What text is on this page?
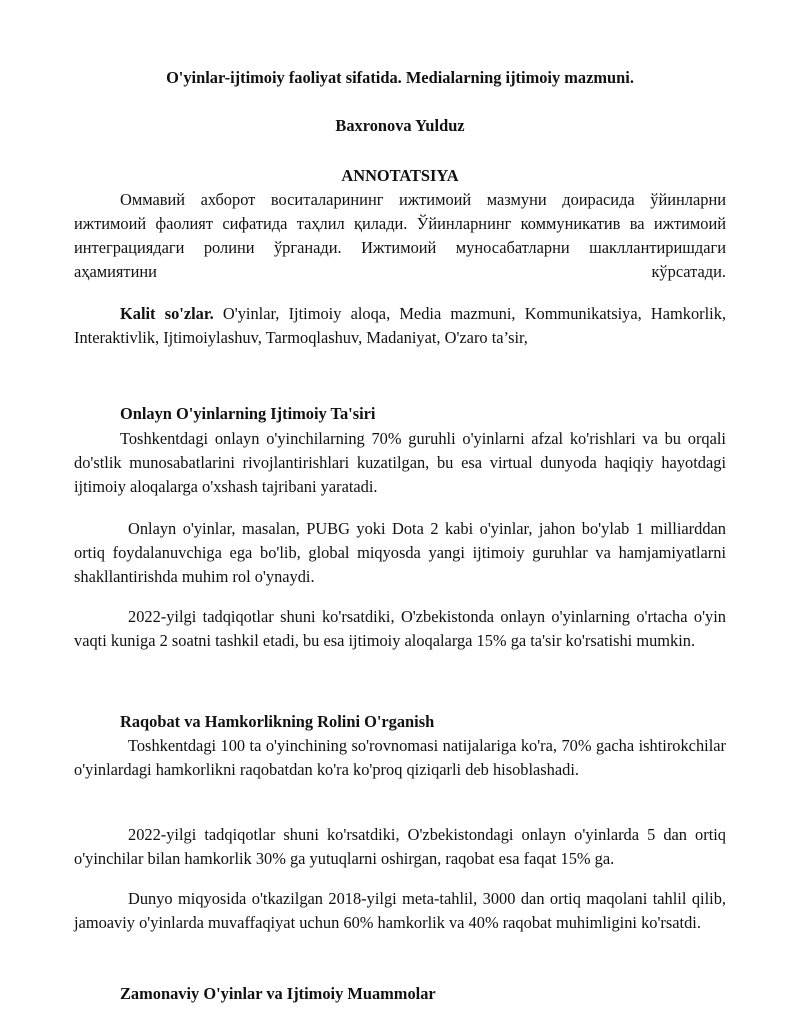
O'yinlar-ijtimoiy faoliyat sifatida. Medialarning ijtimoiy mazmuni.
Baxronova Yulduz
ANNOTATSIYA
Оммавий ахборот воситаларининг ижтимоий мазмуни доирасида ўйинларни ижтимоий фаолият сифатида таҳлил қилади. Ўйинларнинг коммуникатив ва ижтимоий интеграциядаги ролини ўрганади. Ижтимоий муносабатларни шакллантиришдаги аҳамиятини кўрсатади.
Kalit so'zlar. O'yinlar, Ijtimoiy aloqa, Media mazmuni, Kommunikatsiya, Hamkorlik, Interaktivlik, Ijtimoiylashuv, Tarmoqlashuv, Madaniyat, O'zaro ta’sir,
Onlayn O'yinlarning Ijtimoiy Ta'siri
Toshkentdagi onlayn o'yinchilarning 70% guruhli o'yinlarni afzal ko'rishlari va bu orqali do'stlik munosabatlarini rivojlantirishlari kuzatilgan, bu esa virtual dunyoda haqiqiy hayotdagi ijtimoiy aloqalarga o'xshash tajribani yaratadi.
Onlayn o'yinlar, masalan, PUBG yoki Dota 2 kabi o'yinlar, jahon bo'ylab 1 milliarddan ortiq foydalanuvchiga ega bo'lib, global miqyosda yangi ijtimoiy guruhlar va hamjamiyatlarni shakllantirishda muhim rol o'ynaydi.
2022-yilgi tadqiqotlar shuni ko'rsatdiki, O'zbekistonda onlayn o'yinlarning o'rtacha o'yin vaqti kuniga 2 soatni tashkil etadi, bu esa ijtimoiy aloqalarga 15% ga ta'sir ko'rsatishi mumkin.
Raqobat va Hamkorlikning Rolini O'rganish
Toshkentdagi 100 ta o'yinchining so'rovnomasi natijalariga ko'ra, 70% gacha ishtirokchilar o'yinlardagi hamkorlikni raqobatdan ko'ra ko'proq qiziqarli deb hisoblashadi.
2022-yilgi tadqiqotlar shuni ko'rsatdiki, O'zbekistondagi onlayn o'yinlarda 5 dan ortiq o'yinchilar bilan hamkorlik 30% ga yutuqlarni oshirgan, raqobat esa faqat 15% ga.
Dunyo miqyosida o'tkazilgan 2018-yilgi meta-tahlil, 3000 dan ortiq maqolani tahlil qilib, jamoaviy o'yinlarda muvaffaqiyat uchun 60% hamkorlik va 40% raqobat muhimligini ko'rsatdi.
Zamonaviy O'yinlar va Ijtimoiy Muammolar
